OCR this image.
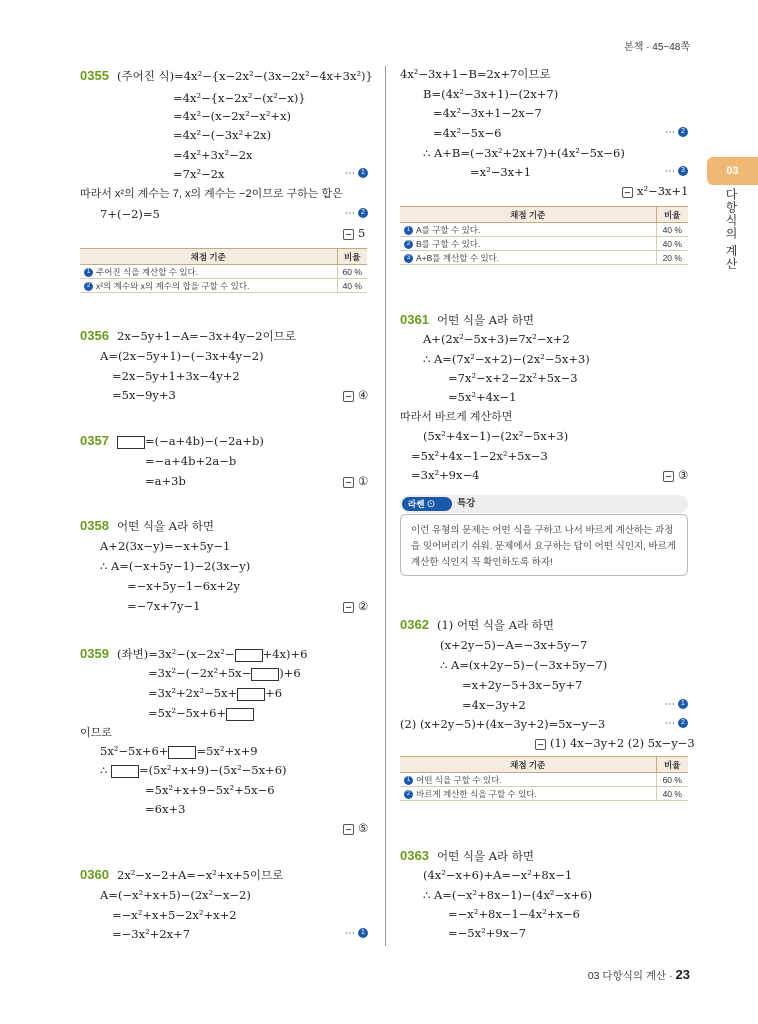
본책 · 45~48쪽
03
다항식의 계산
0355 (주어진 식)=4x²−{x−2x²−(3x−2x²−4x+3x²)}
=4x²−{x−2x²−(x²−x)}
=4x²−(x−2x²−x²+x)
=4x²−(−3x²+2x)
=4x²+3x²−2x
=7x²−2x	⋯ 1
따라서 x²의 계수는 7, x의 계수는 −2이므로 구하는 합은
7+(−2)=5	⋯ 2
5
채점 기준	비율
1 주어진 식을 계산할 수 있다.	60 %
2 x²의 계수와 x의 계수의 합을 구할 수 있다.	40 %
0356 2x−5y+1−A=−3x+4y−2이므로
A=(2x−5y+1)−(−3x+4y−2)
=2x−5y+1+3x−4y+2
=5x−9y+3	④
0357	=(−a+4b)−(−2a+b)
=−a+4b+2a−b
=a+3b	①
0358 어떤 식을 A라 하면
A+2(3x−y)=−x+5y−1
∴ A=(−x+5y−1)−2(3x−y)
=−x+5y−1−6x+2y
=−7x+7y−1	②
0359 (좌변)=3x²−(x−2x²− +4x)+6
=3x²−(−2x²+5x− )+6
=3x²+2x²−5x+ +6
=5x²−5x+6+
이므로
5x²−5x+6+ =5x²+x+9
∴ =(5x²+x+9)−(5x²−5x+6)
=5x²+x+9−5x²+5x−6
=6x+3
⑤
0360 2x²−x−2+A=−x²+x+5이므로
A=(−x²+x+5)−(2x²−x−2)
=−x²+x+5−2x²+x+2
=−3x²+2x+7	⋯ 1
4x²−3x+1−B=2x+7이므로
B=(4x²−3x+1)−(2x+7)
=4x²−3x+1−2x−7
=4x²−5x−6	⋯ 2
∴ A+B=(−3x²+2x+7)+(4x²−5x−6)
=x²−3x+1	⋯ 3
x²−3x+1
채점 기준	비율
1 A를 구할 수 있다.	40 %
2 B를 구할 수 있다.	40 %
3 A+B를 계산할 수 있다.	20 %
0361 어떤 식을 A라 하면
A+(2x²−5x+3)=7x²−x+2
∴ A=(7x²−x+2)−(2x²−5x+3)
=7x²−x+2−2x²+5x−3
=5x²+4x−1
따라서 바르게 계산하면
(5x²+4x−1)−(2x²−5x+3)
=5x²+4x−1−2x²+5x−3
=3x²+9x−4	③
라쎈 ⊙	특강
이런 유형의 문제는 어떤 식을 구하고 나서 바르게 계산하는 과정을 잊어버리기 쉬워. 문제에서 요구하는 답이 어떤 식인지, 바르게 계산한 식인지 꼭 확인하도록 하자!
0362 (1) 어떤 식을 A라 하면
(x+2y−5)−A=−3x+5y−7
∴ A=(x+2y−5)−(−3x+5y−7)
=x+2y−5+3x−5y+7
=4x−3y+2	⋯ 1
(2) (x+2y−5)+(4x−3y+2)=5x−y−3	⋯ 2
(1) 4x−3y+2 (2) 5x−y−3
채점 기준	비율
1 어떤 식을 구할 수 있다.	60 %
2 바르게 계산한 식을 구할 수 있다.	40 %
0363 어떤 식을 A라 하면
(4x²−x+6)+A=−x²+8x−1
∴ A=(−x²+8x−1)−(4x²−x+6)
=−x²+8x−1−4x²+x−6
=−5x²+9x−7
03 다항식의 계산 · 23
